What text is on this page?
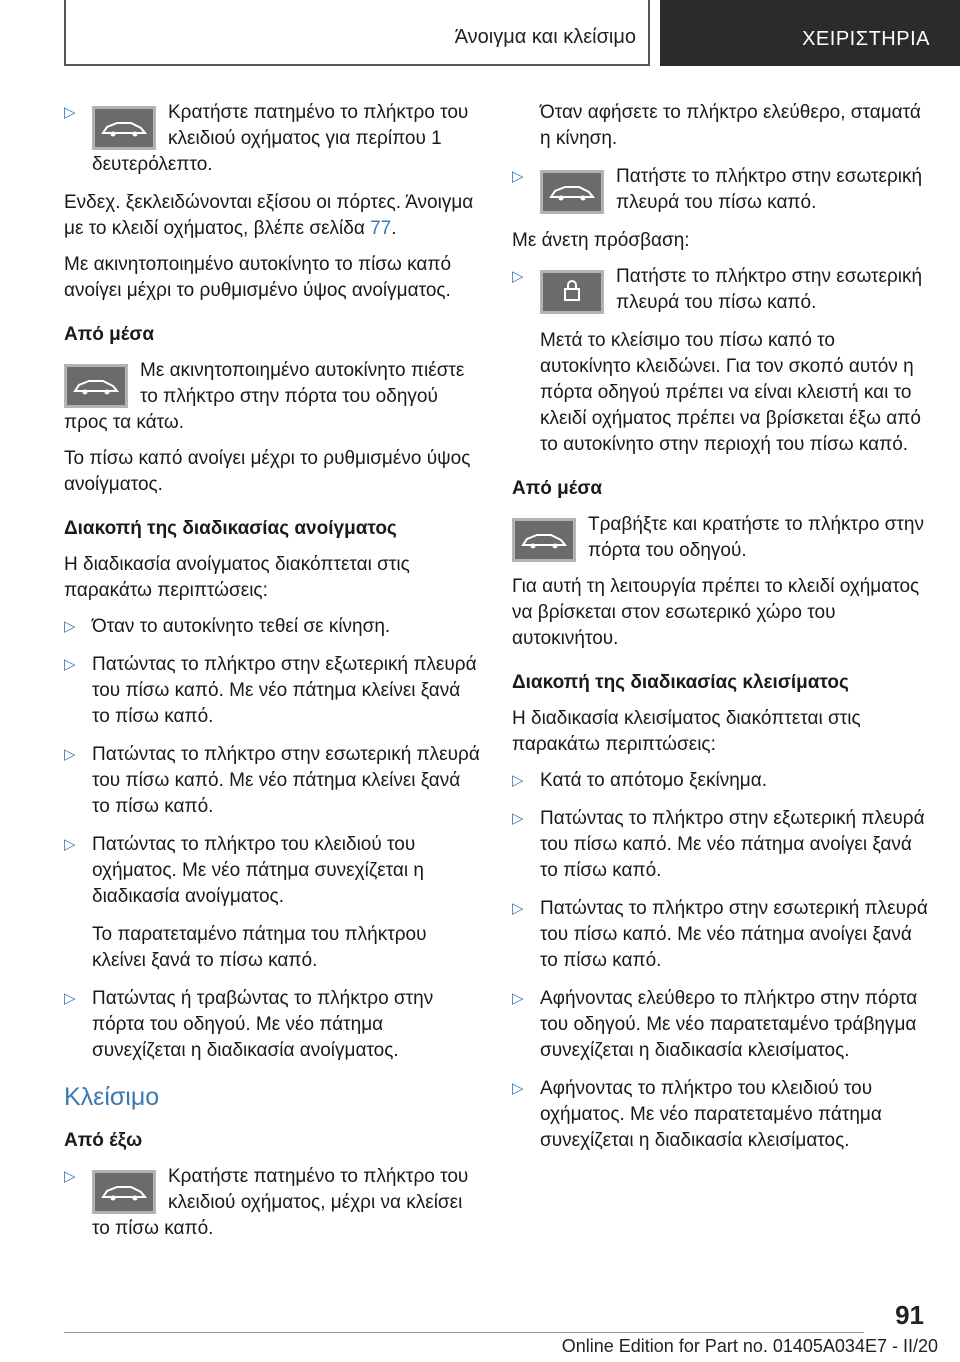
Άνοιγμα και κλείσιμο	ΧΕΙΡΙΣΤΗΡΙΑ
▷	Κρατήστε πατημένο το πλήκτρο του κλειδιού οχήματος για περίπου 1 δευτερόλεπτο.

Ενδεχ. ξεκλειδώνονται εξίσου οι πόρτες. Άνοιγμα με το κλειδί οχήματος, βλέπε σελίδα 77.

Με ακινητοποιημένο αυτοκίνητο το πίσω καπό ανοίγει μέχρι το ρυθμισμένο ύψος ανοίγματος.

Από μέσα

Με ακινητοποιημένο αυτοκίνητο πιέστε το πλήκτρο στην πόρτα του οδηγού προς τα κάτω.

Το πίσω καπό ανοίγει μέχρι το ρυθμισμένο ύψος ανοίγματος.

Διακοπή της διαδικασίας ανοίγματος

Η διαδικασία ανοίγματος διακόπτεται στις παρακάτω περιπτώσεις:

▷ Όταν το αυτοκίνητο τεθεί σε κίνηση.
▷ Πατώντας το πλήκτρο στην εξωτερική πλευρά του πίσω καπό. Με νέο πάτημα κλείνει ξανά το πίσω καπό.
▷ Πατώντας το πλήκτρο στην εσωτερική πλευρά του πίσω καπό. Με νέο πάτημα κλείνει ξανά το πίσω καπό.
▷ Πατώντας το πλήκτρο του κλειδιού του οχήματος. Με νέο πάτημα συνεχίζεται η διαδικασία ανοίγματος.
Το παρατεταμένο πάτημα του πλήκτρου κλείνει ξανά το πίσω καπό.
▷ Πατώντας ή τραβώντας το πλήκτρο στην πόρτα του οδηγού. Με νέο πάτημα συνεχίζεται η διαδικασία ανοίγματος.
Κλείσιμο
Από έξω
▷	Κρατήστε πατημένο το πλήκτρο του κλειδιού οχήματος, μέχρι να κλείσει το πίσω καπό.
Όταν αφήσετε το πλήκτρο ελεύθερο, σταματά η κίνηση.
▷	Πατήστε το πλήκτρο στην εσωτερική πλευρά του πίσω καπό.

Με άνετη πρόσβαση:

▷	Πατήστε το πλήκτρο στην εσωτερική πλευρά του πίσω καπό.
Μετά το κλείσιμο του πίσω καπό το αυτοκίνητο κλειδώνει. Για τον σκοπό αυτόν η πόρτα οδηγού πρέπει να είναι κλειστή και το κλειδί οχήματος πρέπει να βρίσκεται έξω από το αυτοκίνητο στην περιοχή του πίσω καπό.
Από μέσα

Τραβήξτε και κρατήστε το πλήκτρο στην πόρτα του οδηγού.

Για αυτή τη λειτουργία πρέπει το κλειδί οχήματος να βρίσκεται στον εσωτερικό χώρο του αυτοκινήτου.

Διακοπή της διαδικασίας κλεισίματος

Η διαδικασία κλεισίματος διακόπτεται στις παρακάτω περιπτώσεις:

▷ Κατά το απότομο ξεκίνημα.
▷ Πατώντας το πλήκτρο στην εξωτερική πλευρά του πίσω καπό. Με νέο πάτημα ανοίγει ξανά το πίσω καπό.
▷ Πατώντας το πλήκτρο στην εσωτερική πλευρά του πίσω καπό. Με νέο πάτημα ανοίγει ξανά το πίσω καπό.
▷ Αφήνοντας ελεύθερο το πλήκτρο στην πόρτα του οδηγού. Με νέο παρατεταμένο τράβηγμα συνεχίζεται η διαδικασία κλεισίματος.
▷ Αφήνοντας το πλήκτρο του κλειδιού του οχήματος. Με νέο παρατεταμένο πάτημα συνεχίζεται η διαδικασία κλεισίματος.
91
Online Edition for Part no. 01405A034E7 - II/20
